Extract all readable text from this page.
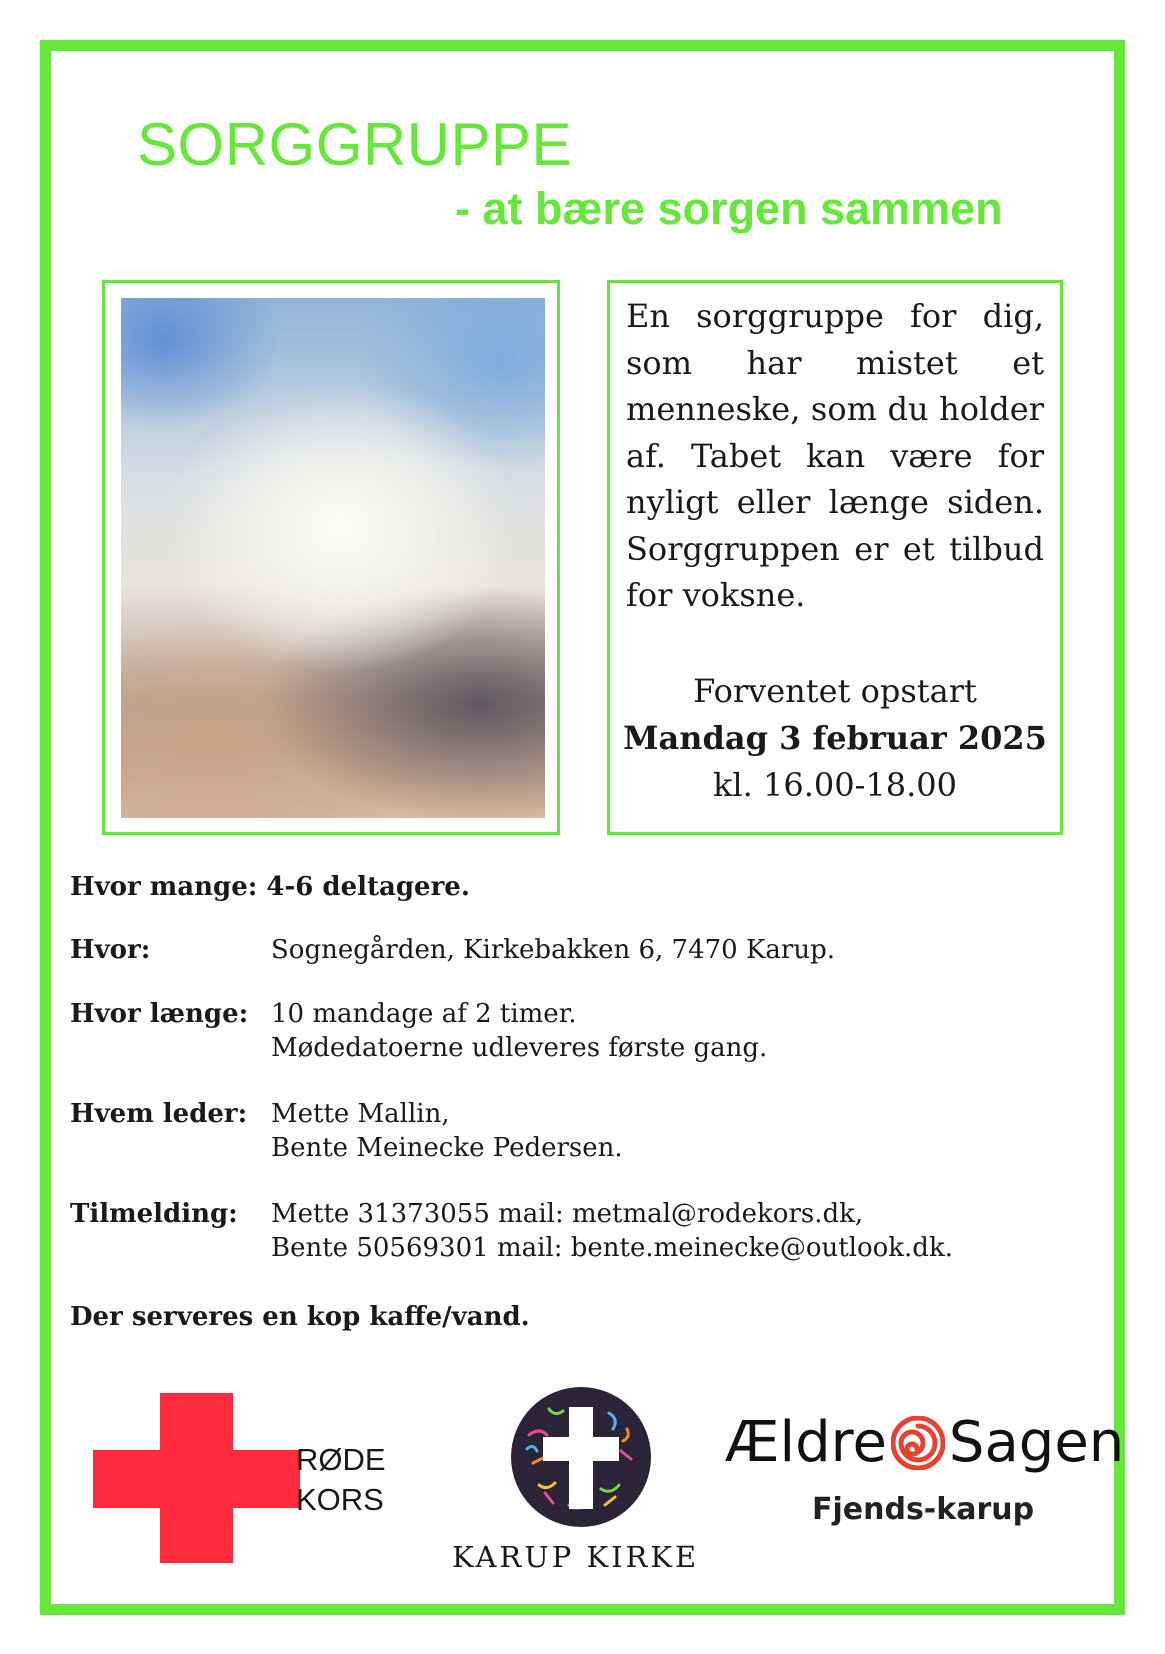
SORGGRUPPE
- at bære sorgen sammen

En sorggruppe for dig, som har mistet et menneske, som du holder af. Tabet kan være for nyligt eller længe siden. Sorggruppen er et tilbud for voksne.

Forventet opstart
Mandag 3 februar 2025
kl. 16.00-18.00
Hvor mange: 4-6 deltagere.
Hvor:	Sognegården, Kirkebakken 6, 7470 Karup.
Hvor længe: 10 mandage af 2 timer.
Mødedatoerne udleveres første gang.
Hvem leder: Mette Mallin,
Bente Meinecke Pedersen.
Tilmelding: Mette 31373055 mail: metmal@rodekors.dk,
Bente 50569301 mail: bente.meinecke@outlook.dk.
Der serveres en kop kaffe/vand.
RØDE
KORS
KARUP KIRKE
Ældre Sagen
Fjends-karup
